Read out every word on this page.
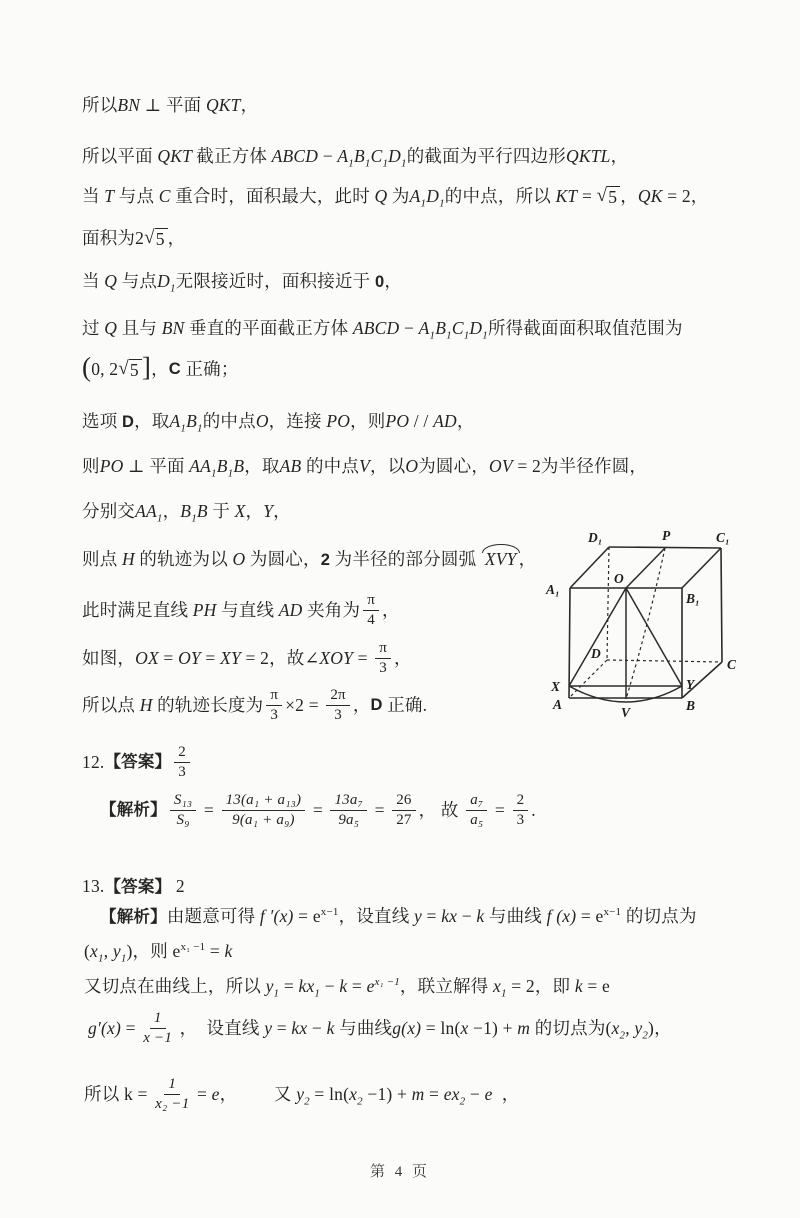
所以 BN ⊥ 平面 QKT ，
所以平面 QKT 截正方体 ABCD − $A_1$ $B_1$ $C_1$ $D_1$ 的截面为平行四边形 QKTL ，
当 T 与点 C 重合时，面积最大，此时 Q 为 $A_1$ $D_1$ 的中点，所以 KT = √ 5 ， QK = 2，
面积为 2 √ 5 ，
当 Q 与点 $D_1$ 无限接近时，面积接近于 0 ，
过 Q 且与 BN 垂直的平面截正方体 ABCD − $A_1$ $B_1$ $C_1$ $D_1$ 所得截面面积取值范围为
( 0, 2 √ 5 ] ， C 正确；
选项 D ，取 $A_1$ $B_1$ 的中点 O ，连接 PO ，则 PO / / AD ，
则 PO ⊥ 平面 $AA_1$ $B_1$ B ，取 AB 的中点 V ，以 O 为圆心， OV = 2为半径作圆，
分别交 $AA_1$ ， $B_1$ B 于 X ， Y ，
则点 H 的轨迹为以 O 为圆心， 2 为半径的部分圆弧 XVY ，
此时满足直线 PH 与直线 AD 夹角为 $\frac{\pi}{4}$ ，
如图， OX = OY = XY = 2，故∠ XOY = $\frac{\pi}{3}$ ，
所以点 H 的轨迹长度为 $\frac{\pi}{3} \times 2 = \frac{2\pi}{3}$ ， D 正确.
12. 【答案】 $\frac{2}{3}$
【解析】 $\frac{\text{S₁₃}}{\text{S₉}} = \frac{\text{13(a₁ + a₁₃)}}{\text{9(a₁ + a₉)}} = \frac{\text{13a₇}}{\text{9a₅}} = \frac{26}{27}$ ， 故 $\frac{\text{a₇}}{\text{a₅}} = \frac{2}{3}$ .
13. 【答案】 2
【解析】 由题意可得 f $'(x) = e^{x-1}$ ，设直线 y = kx − k 与曲线 f $(x) = e^{x-1}$ 的切点为
( $x_1$ , $y_1$ )，则 $e^{x_1 -1} = k$
又切点在曲线上，所以 $y_1 = kx_1 - k = e^{x_1 -1}$ ，联立解得 $x_1 = 2$，即 k = e
$g'(x) = \frac{1}{x -1}$ ，  设直线 y = kx − k 与曲线 g(x) = ln( x −1) + m 的切点为( $x_2$ , $y_2$ )，
所以 $k = \frac{1}{\text{x₂ −1}} = e$ ， 又 $y_2 = \ln$( $x_2 -1) + m = ex_2 - e$ ，
D₁	P	C₁
A₁
O
B₁
D
C
X	Y
A	B
V
第 4 页
